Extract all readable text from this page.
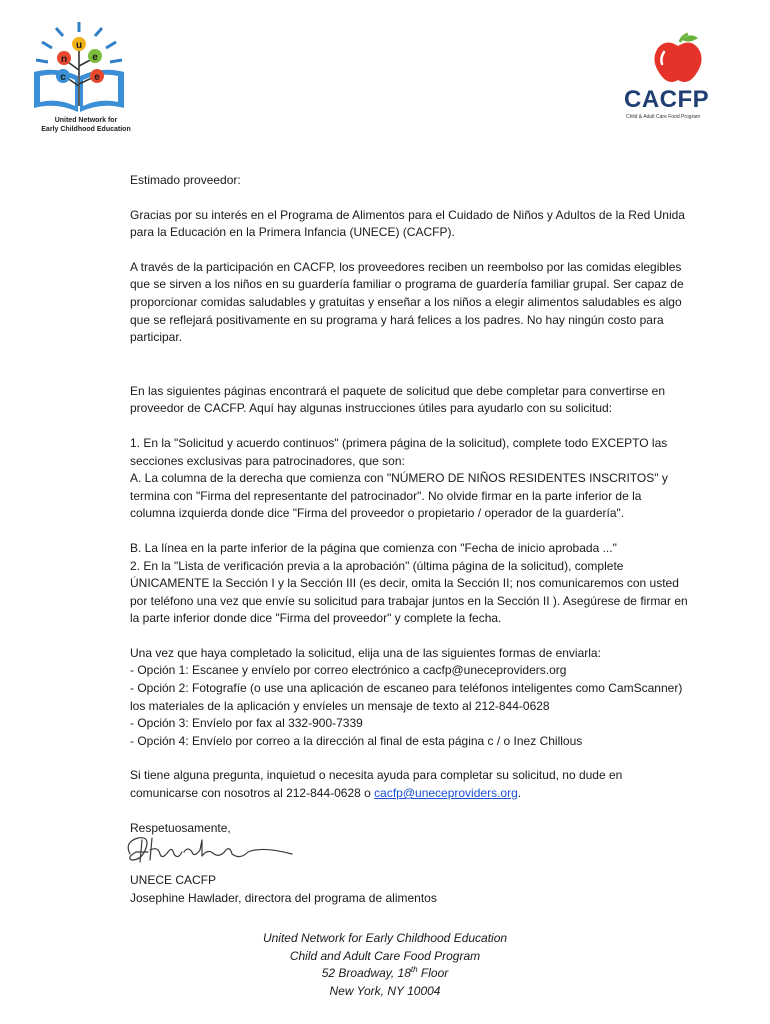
u
n	e
c	e
United Network for
Early Childhood Education
CACFP
Child & Adult Care Food Program

Estimado proveedor:

Gracias por su interés en el Programa de Alimentos para el Cuidado de Niños y Adultos de la Red Unida para la Educación en la Primera Infancia (UNECE) (CACFP).

A través de la participación en CACFP, los proveedores reciben un reembolso por las comidas elegibles que se sirven a los niños en su guardería familiar o programa de guardería familiar grupal. Ser capaz de proporcionar comidas saludables y gratuitas y enseñar a los niños a elegir alimentos saludables es algo que se reflejará positivamente en su programa y hará felices a los padres. No hay ningún costo para participar.

En las siguientes páginas encontrará el paquete de solicitud que debe completar para convertirse en proveedor de CACFP. Aquí hay algunas instrucciones útiles para ayudarlo con su solicitud:

1. En la "Solicitud y acuerdo continuos" (primera página de la solicitud), complete todo EXCEPTO las secciones exclusivas para patrocinadores, que son:

A. La columna de la derecha que comienza con "NÚMERO DE NIÑOS RESIDENTES INSCRITOS" y termina con "Firma del representante del patrocinador". No olvide firmar en la parte inferior de la columna izquierda donde dice "Firma del proveedor o propietario / operador de la guardería".

B. La línea en la parte inferior de la página que comienza con "Fecha de inicio aprobada ..."

2. En la "Lista de verificación previa a la aprobación" (última página de la solicitud), complete ÚNICAMENTE la Sección I y la Sección III (es decir, omita la Sección II; nos comunicaremos con usted por teléfono una vez que envíe su solicitud para trabajar juntos en la Sección II ). Asegúrese de firmar en la parte inferior donde dice "Firma del proveedor" y complete la fecha.

Una vez que haya completado la solicitud, elija una de las siguientes formas de enviarla:

- Opción 1: Escanee y envíelo por correo electrónico a cacfp@uneceproviders.org

- Opción 2: Fotografíe (o use una aplicación de escaneo para teléfonos inteligentes como CamScanner) los materiales de la aplicación y envíeles un mensaje de texto al 212-844-0628

- Opción 3: Envíelo por fax al 332-900-7339

- Opción 4: Envíelo por correo a la dirección al final de esta página c / o Inez Chillous

Si tiene alguna pregunta, inquietud o necesita ayuda para completar su solicitud, no dude en comunicarse con nosotros al 212-844-0628 o cacfp@uneceproviders.org.

Respetuosamente,

UNECE CACFP

Josephine Hawlader, directora del programa de alimentos

United Network for Early Childhood Education
Child and Adult Care Food Program
52 Broadway, 18th Floor
New York, NY 10004
